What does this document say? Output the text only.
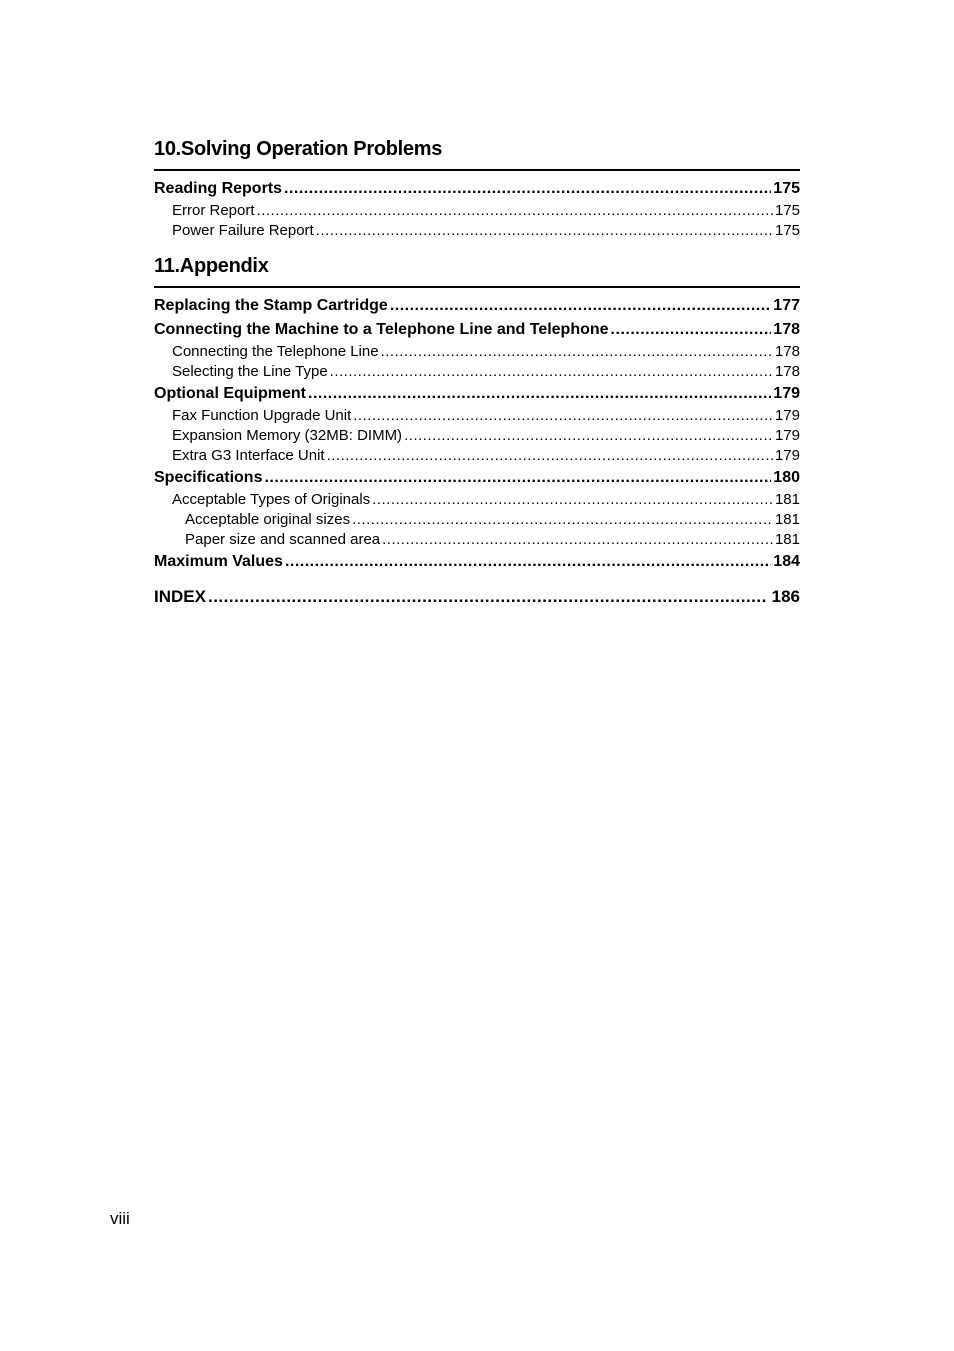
10.Solving Operation Problems
Reading Reports .....	175
Error Report .....	175
Power Failure Report .....	175
11.Appendix
Replacing the Stamp Cartridge .....	177
Connecting the Machine to a Telephone Line and Telephone .....	178
Connecting the Telephone Line .....	178
Selecting the Line Type .....	178
Optional Equipment .....	179
Fax Function Upgrade Unit .....	179
Expansion Memory (32MB: DIMM) .....	179
Extra G3 Interface Unit .....	179
Specifications .....	180
Acceptable Types of Originals .....	181
Acceptable original sizes .....	181
Paper size and scanned area .....	181
Maximum Values .....	184
INDEX .....	186
viii
